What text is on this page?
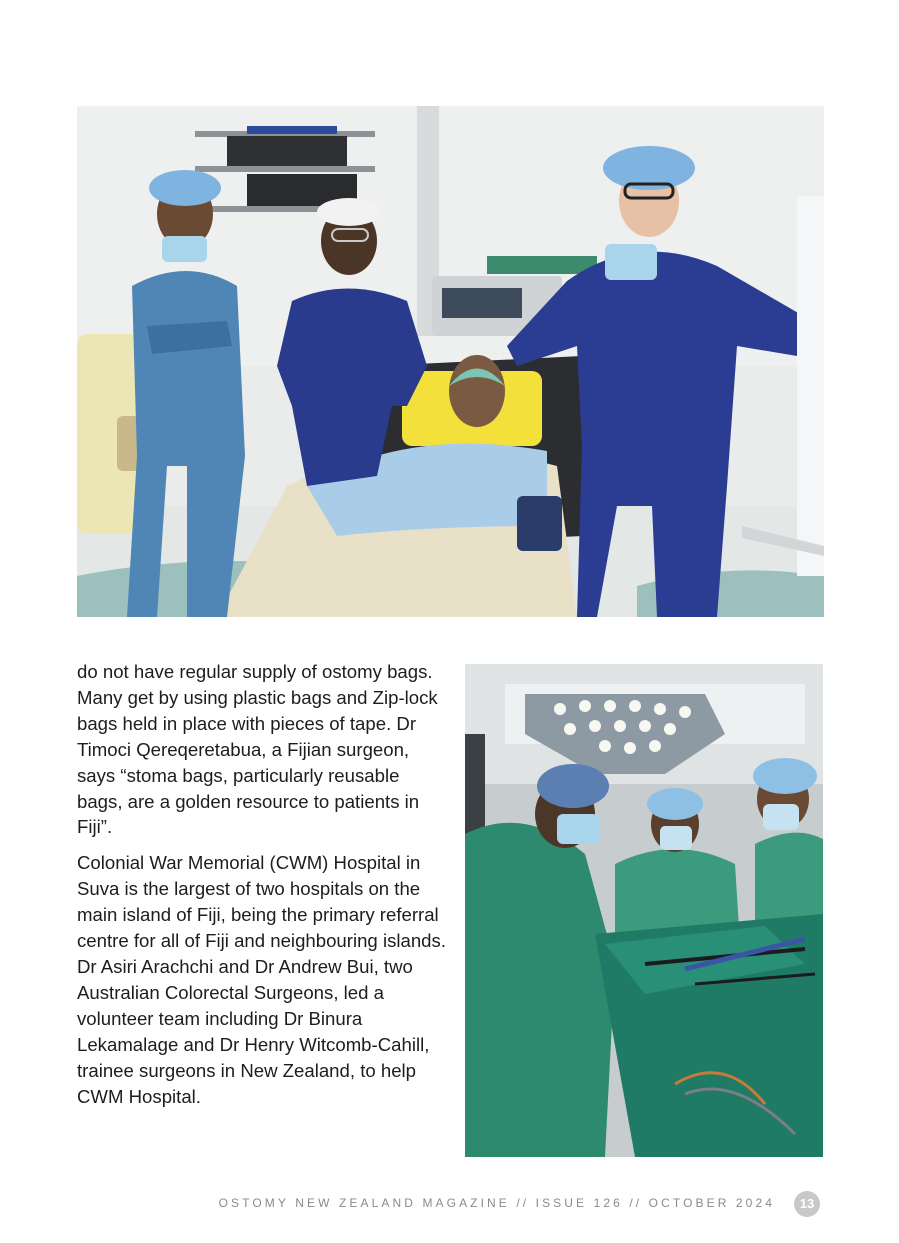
do not have regular supply of ostomy bags. Many get by using plastic bags and Zip-lock bags held in place with pieces of tape. Dr Timoci Qereqeretabua, a Fijian surgeon, says “stoma bags, particularly reusable bags, are a golden resource to patients in Fiji”.

Colonial War Memorial (CWM) Hospital in Suva is the largest of two hospitals on the main island of Fiji, being the primary referral centre for all of Fiji and neighbouring islands. Dr Asiri Arachchi and Dr Andrew Bui, two Australian Colorectal Surgeons, led a volunteer team including Dr Binura Lekamalage and Dr Henry Witcomb-Cahill, trainee surgeons in New Zealand, to help CWM Hospital.

OSTOMY NEW ZEALAND MAGAZINE // ISSUE 126 // OCTOBER 2024	13
